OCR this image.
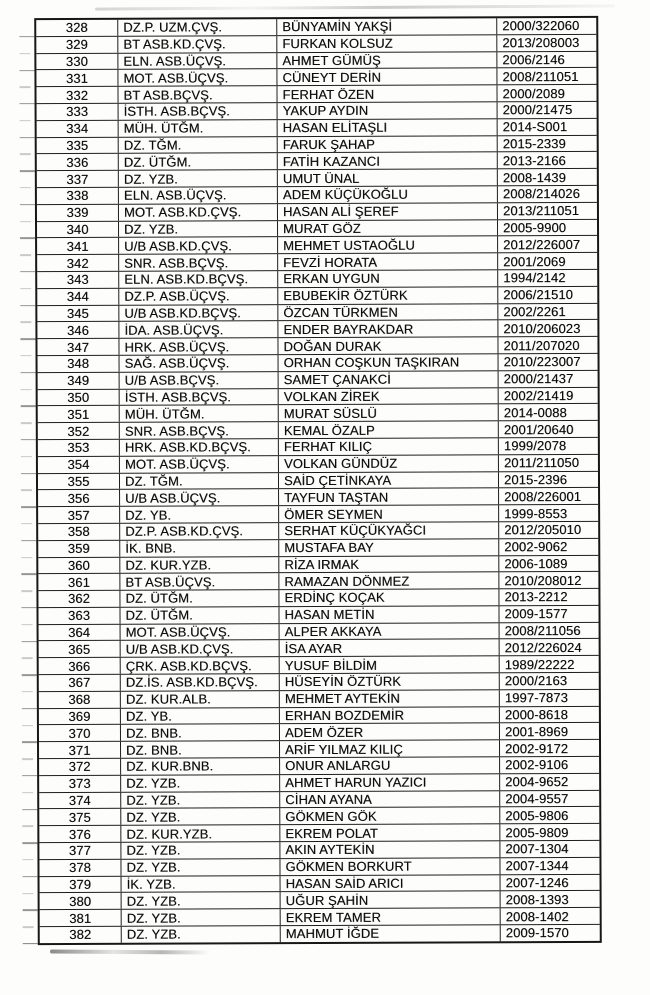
328	DZ.P. UZM.ÇVŞ.	BÜNYAMİN YAKŞİ	2000/322060
329	BT ASB.KD.ÇVŞ.	FURKAN KOLSUZ	2013/208003
330	ELN. ASB.ÜÇVŞ.	AHMET GÜMÜŞ	2006/2146
331	MOT. ASB.ÜÇVŞ.	CÜNEYT DERİN	2008/211051
332	BT ASB.BÇVŞ.	FERHAT ÖZEN	2000/2089
333	İSTH. ASB.BÇVŞ.	YAKUP AYDIN	2000/21475
334	MÜH. ÜTĞM.	HASAN ELİTAŞLI	2014-S001
335	DZ. TĞM.	FARUK ŞAHAP	2015-2339
336	DZ. ÜTĞM.	FATİH KAZANCI	2013-2166
337	DZ. YZB.	UMUT ÜNAL	2008-1439
338	ELN. ASB.ÜÇVŞ.	ADEM KÜÇÜKOĞLU	2008/214026
339	MOT. ASB.KD.ÇVŞ.	HASAN ALİ ŞEREF	2013/211051
340	DZ. YZB.	MURAT GÖZ	2005-9900
341	U/B ASB.KD.ÇVŞ.	MEHMET USTAOĞLU	2012/226007
342	SNR. ASB.BÇVŞ.	FEVZİ HORATA	2001/2069
343	ELN. ASB.KD.BÇVŞ.	ERKAN UYGUN	1994/2142
344	DZ.P. ASB.ÜÇVŞ.	EBUBEKİR ÖZTÜRK	2006/21510
345	U/B ASB.KD.BÇVŞ.	ÖZCAN TÜRKMEN	2002/2261
346	İDA. ASB.ÜÇVŞ.	ENDER BAYRAKDAR	2010/206023
347	HRK. ASB.ÜÇVŞ.	DOĞAN DURAK	2011/207020
348	SAĞ. ASB.ÜÇVŞ.	ORHAN COŞKUN TAŞKIRAN	2010/223007
349	U/B ASB.BÇVŞ.	SAMET ÇANAKCİ	2000/21437
350	İSTH. ASB.BÇVŞ.	VOLKAN ZİREK	2002/21419
351	MÜH. ÜTĞM.	MURAT SÜSLÜ	2014-0088
352	SNR. ASB.BÇVŞ.	KEMAL ÖZALP	2001/20640
353	HRK. ASB.KD.BÇVŞ.	FERHAT KILIÇ	1999/2078
354	MOT. ASB.ÜÇVŞ.	VOLKAN GÜNDÜZ	2011/211050
355	DZ. TĞM.	SAİD ÇETİNKAYA	2015-2396
356	U/B ASB.ÜÇVŞ.	TAYFUN TAŞTAN	2008/226001
357	DZ. YB.	ÖMER SEYMEN	1999-8553
358	DZ.P. ASB.KD.ÇVŞ.	SERHAT KÜÇÜKYAĞCI	2012/205010
359	İK. BNB.	MUSTAFA BAY	2002-9062
360	DZ. KUR.YZB.	RİZA IRMAK	2006-1089
361	BT ASB.ÜÇVŞ.	RAMAZAN DÖNMEZ	2010/208012
362	DZ. ÜTĞM.	ERDİNÇ KOÇAK	2013-2212
363	DZ. ÜTĞM.	HASAN METİN	2009-1577
364	MOT. ASB.ÜÇVŞ.	ALPER AKKAYA	2008/211056
365	U/B ASB.KD.ÇVŞ.	İSA AYAR	2012/226024
366	ÇRK. ASB.KD.BÇVŞ.	YUSUF BİLDİM	1989/22222
367	DZ.İS. ASB.KD.BÇVŞ.	HÜSEYİN ÖZTÜRK	2000/2163
368	DZ. KUR.ALB.	MEHMET AYTEKİN	1997-7873
369	DZ. YB.	ERHAN BOZDEMİR	2000-8618
370	DZ. BNB.	ADEM ÖZER	2001-8969
371	DZ. BNB.	ARİF YILMAZ KILIÇ	2002-9172
372	DZ. KUR.BNB.	ONUR ANLARGU	2002-9106
373	DZ. YZB.	AHMET HARUN YAZICI	2004-9652
374	DZ. YZB.	CİHAN AYANA	2004-9557
375	DZ. YZB.	GÖKMEN GÖK	2005-9806
376	DZ. KUR.YZB.	EKREM POLAT	2005-9809
377	DZ. YZB.	AKIN AYTEKİN	2007-1304
378	DZ. YZB.	GÖKMEN BORKURT	2007-1344
379	İK. YZB.	HASAN SAİD ARICI	2007-1246
380	DZ. YZB.	UĞUR ŞAHİN	2008-1393
381	DZ. YZB.	EKREM TAMER	2008-1402
382	DZ. YZB.	MAHMUT İĞDE	2009-1570
